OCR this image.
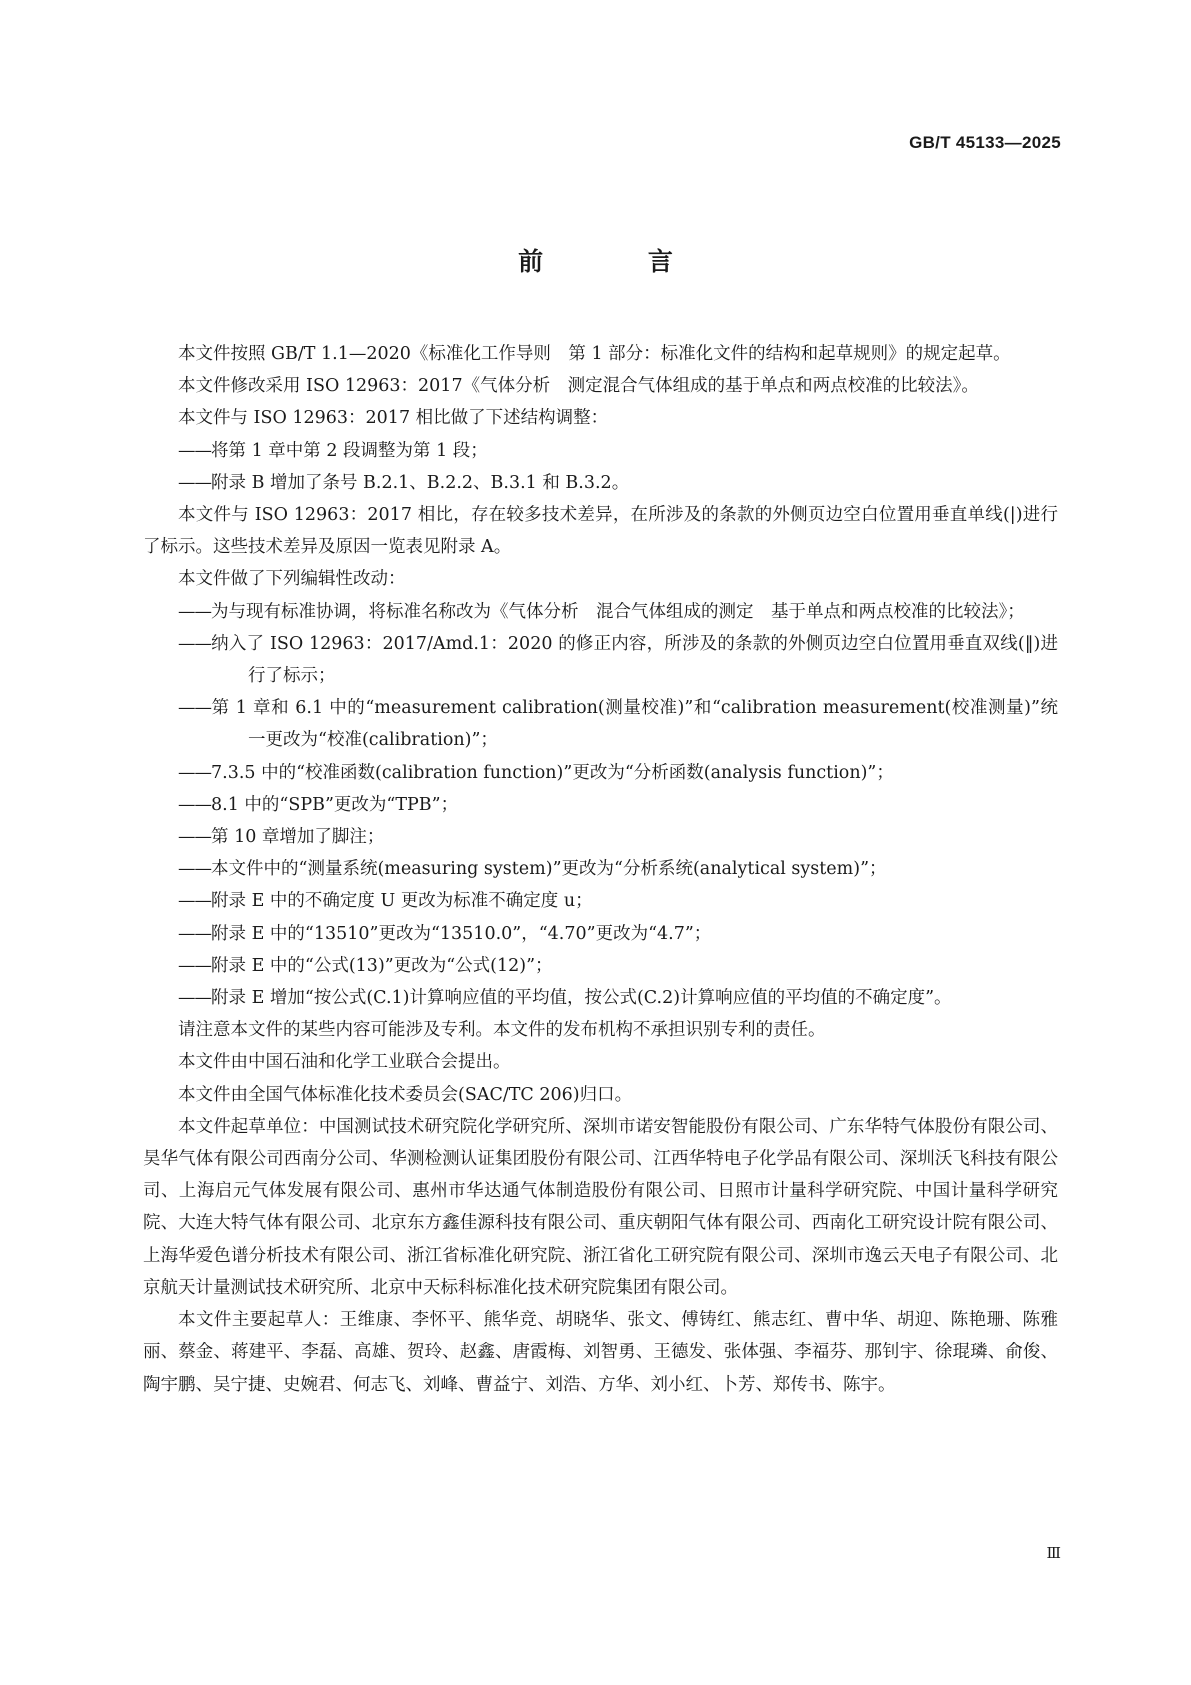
GB/T 45133—2025
前 言

本文件按照 GB/T 1.1—2020《标准化工作导则　第 1 部分：标准化文件的结构和起草规则》的规定起草。

本文件修改采用 ISO 12963：2017《气体分析　测定混合气体组成的基于单点和两点校准的比较法》。

本文件与 ISO 12963：2017 相比做了下述结构调整：

——将第 1 章中第 2 段调整为第 1 段；

——附录 B 增加了条号 B.2.1、B.2.2、B.3.1 和 B.3.2。

本文件与 ISO 12963：2017 相比，存在较多技术差异，在所涉及的条款的外侧页边空白位置用垂直单线(|)进行了标示。这些技术差异及原因一览表见附录 A。

本文件做了下列编辑性改动：

——为与现有标准协调，将标准名称改为《气体分析　混合气体组成的测定　基于单点和两点校准的比较法》；

——纳入了 ISO 12963：2017/Amd.1：2020 的修正内容，所涉及的条款的外侧页边空白位置用垂直双线(‖)进行了标示；

——第 1 章和 6.1 中的“measurement calibration(测量校准)”和“calibration measurement(校准测量)”统一更改为“校准(calibration)”；

——7.3.5 中的“校准函数(calibration function)”更改为“分析函数(analysis function)”；

——8.1 中的“SPB”更改为“TPB”；

——第 10 章增加了脚注；

——本文件中的“测量系统(measuring system)”更改为“分析系统(analytical system)”；

——附录 E 中的不确定度 U 更改为标准不确定度 u；

——附录 E 中的“13510”更改为“13510.0”，“4.70”更改为“4.7”；

——附录 E 中的“公式(13)”更改为“公式(12)”；

——附录 E 增加“按公式(C.1)计算响应值的平均值，按公式(C.2)计算响应值的平均值的不确定度”。

请注意本文件的某些内容可能涉及专利。本文件的发布机构不承担识别专利的责任。

本文件由中国石油和化学工业联合会提出。

本文件由全国气体标准化技术委员会(SAC/TC 206)归口。

本文件起草单位：中国测试技术研究院化学研究所、深圳市诺安智能股份有限公司、广东华特气体股份有限公司、昊华气体有限公司西南分公司、华测检测认证集团股份有限公司、江西华特电子化学品有限公司、深圳沃飞科技有限公司、上海启元气体发展有限公司、惠州市华达通气体制造股份有限公司、日照市计量科学研究院、中国计量科学研究院、大连大特气体有限公司、北京东方鑫佳源科技有限公司、重庆朝阳气体有限公司、西南化工研究设计院有限公司、上海华爱色谱分析技术有限公司、浙江省标准化研究院、浙江省化工研究院有限公司、深圳市逸云天电子有限公司、北京航天计量测试技术研究所、北京中天标科标准化技术研究院集团有限公司。

本文件主要起草人：王维康、李怀平、熊华竞、胡晓华、张文、傅铸红、熊志红、曹中华、胡迎、陈艳珊、陈雅丽、蔡金、蒋建平、李磊、高雄、贺玲、赵鑫、唐霞梅、刘智勇、王德发、张体强、李福芬、那钊宇、徐琨璘、俞俊、陶宇鹏、吴宁捷、史婉君、何志飞、刘峰、曹益宁、刘浩、方华、刘小红、卜芳、郑传书、陈宇。

Ⅲ
